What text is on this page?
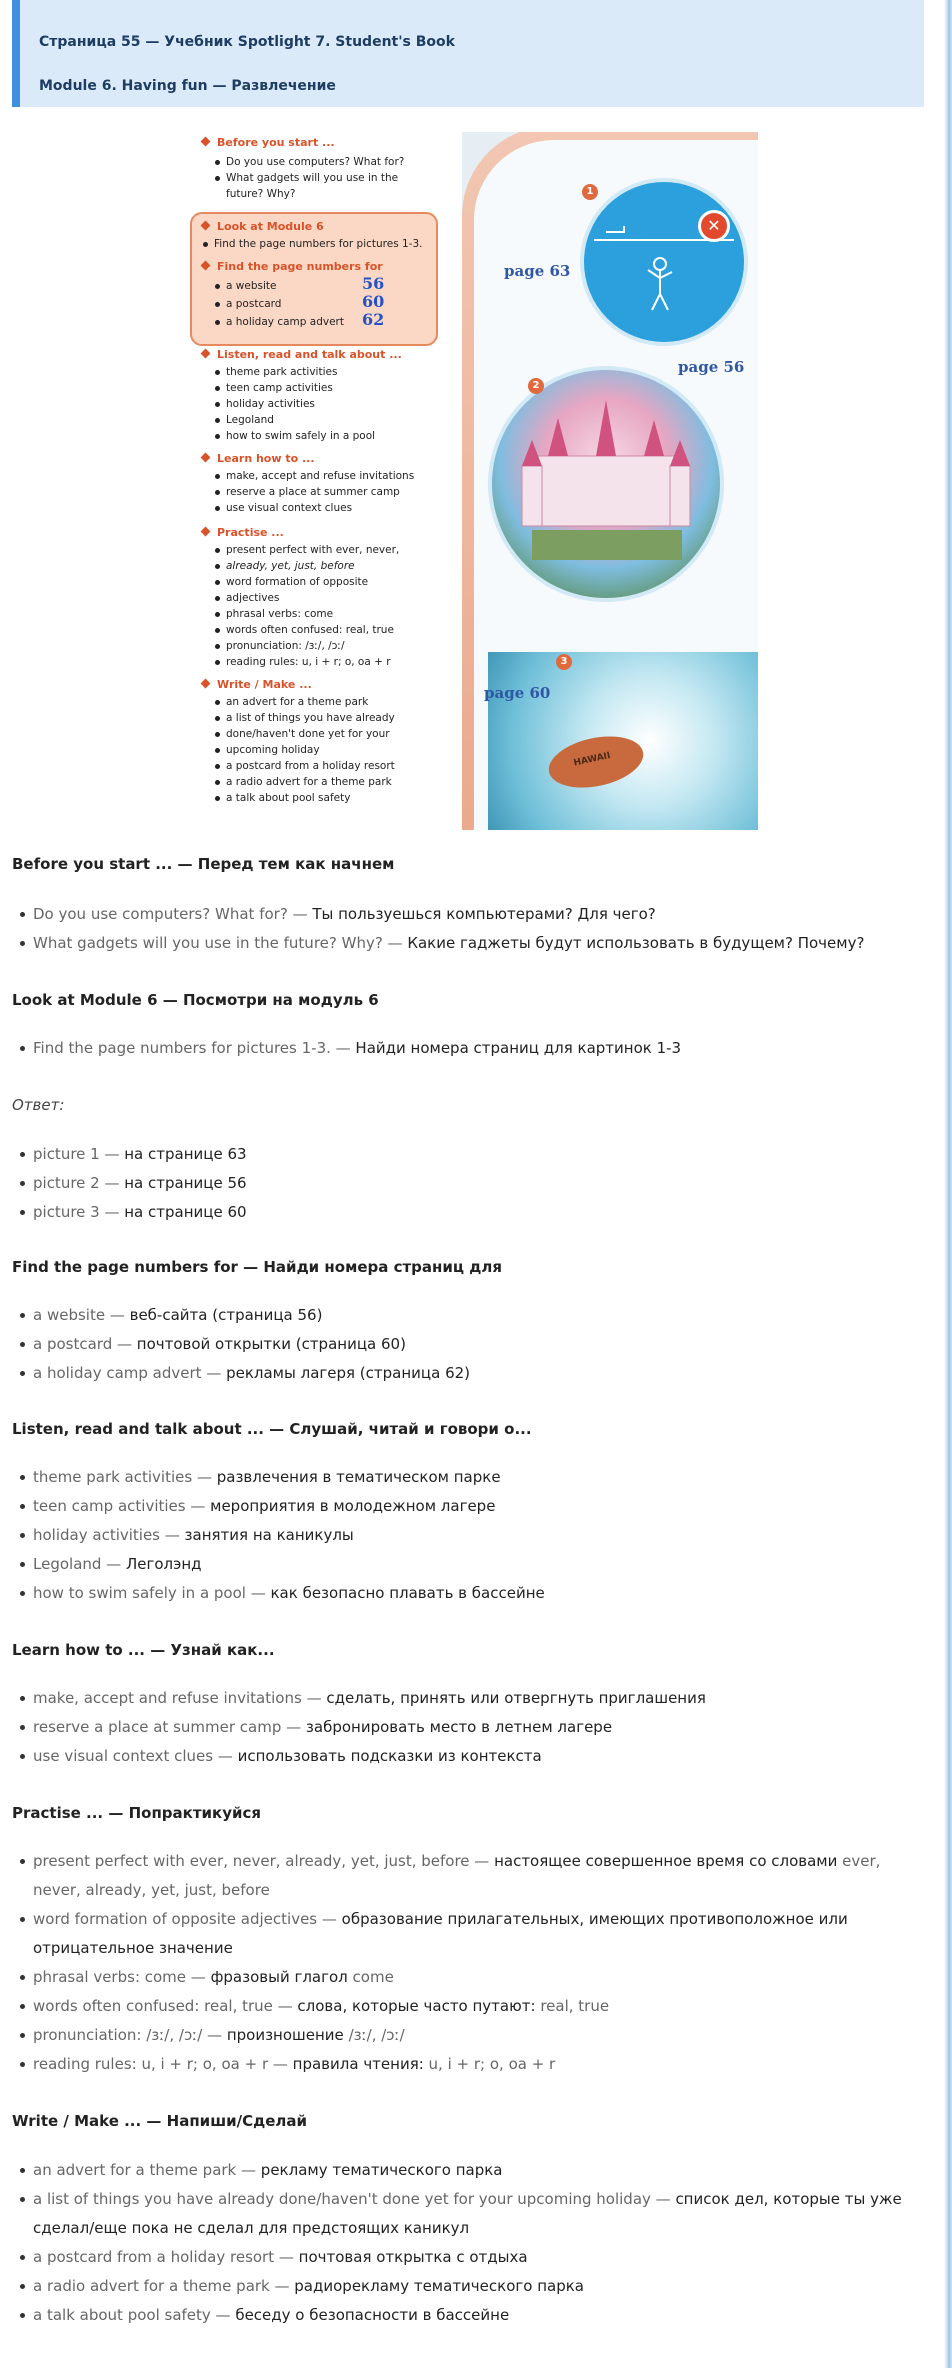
Страница 55 — Учебник Spotlight 7. Student's Book
Module 6. Having fun — Развлечение
✕
HAWAII
1
2
3
page 63
page 56
page 60
Before you start ...
Do you use computers? What for?
What gadgets will you use in the
future? Why?
Look at Module 6
Find the page numbers for pictures 1-3.
Find the page numbers for
a website
a postcard
a holiday camp advert
56
60
62
Listen, read and talk about ...
theme park activities
teen camp activities
holiday activities
Legoland
how to swim safely in a pool
Learn how to ...
make, accept and refuse invitations
reserve a place at summer camp
use visual context clues
Practise ...
present perfect with ever, never,
already, yet, just, before
word formation of opposite
adjectives
phrasal verbs: come
words often confused: real, true
pronunciation: /ɜː/, /ɔː/
reading rules: u, i + r; o, oa + r
Write / Make ...
an advert for a theme park
a list of things you have already
done/haven't done yet for your
upcoming holiday
a postcard from a holiday resort
a radio advert for a theme park
a talk about pool safety
Before you start ... — Перед тем как начнем
Do you use computers? What for? — Ты пользуешься компьютерами? Для чего?
What gadgets will you use in the future? Why? — Какие гаджеты будут использовать в будущем? Почему?
Look at Module 6 — Посмотри на модуль 6
Find the page numbers for pictures 1-3. — Найди номера страниц для картинок 1-3
Ответ:
picture 1 — на странице 63
picture 2 — на странице 56
picture 3 — на странице 60
Find the page numbers for — Найди номера страниц для
a website — веб-сайта (страница 56)
a postcard — почтовой открытки (страница 60)
a holiday camp advert — рекламы лагеря (страница 62)
Listen, read and talk about ... — Слушай, читай и говори о...
theme park activities — развлечения в тематическом парке
teen camp activities — мероприятия в молодежном лагере
holiday activities — занятия на каникулы
Legoland — Леголэнд
how to swim safely in a pool — как безопасно плавать в бассейне
Learn how to ... — Узнай как...
make, accept and refuse invitations — сделать, принять или отвергнуть приглашения
reserve a place at summer camp — забронировать место в летнем лагере
use visual context clues — использовать подсказки из контекста
Practise ... — Попрактикуйся
present perfect with ever, never, already, yet, just, before — настоящее совершенное время со словами ever, never, already, yet, just, before
word formation of opposite adjectives — образование прилагательных, имеющих противоположное или отрицательное значение
phrasal verbs: come — фразовый глагол come
words often confused: real, true — слова, которые часто путают: real, true
pronunciation: /ɜː/, /ɔː/ — произношение /ɜː/, /ɔː/
reading rules: u, i + r; o, oa + r — правила чтения: u, i + r; o, oa + r
Write / Make ... — Напиши/Сделай
an advert for a theme park — рекламу тематического парка
a list of things you have already done/haven't done yet for your upcoming holiday — список дел, которые ты уже сделал/еще пока не сделал для предстоящих каникул
a postcard from a holiday resort — почтовая открытка с отдыха
a radio advert for a theme park — радиорекламу тематического парка
a talk about pool safety — беседу о безопасности в бассейне
